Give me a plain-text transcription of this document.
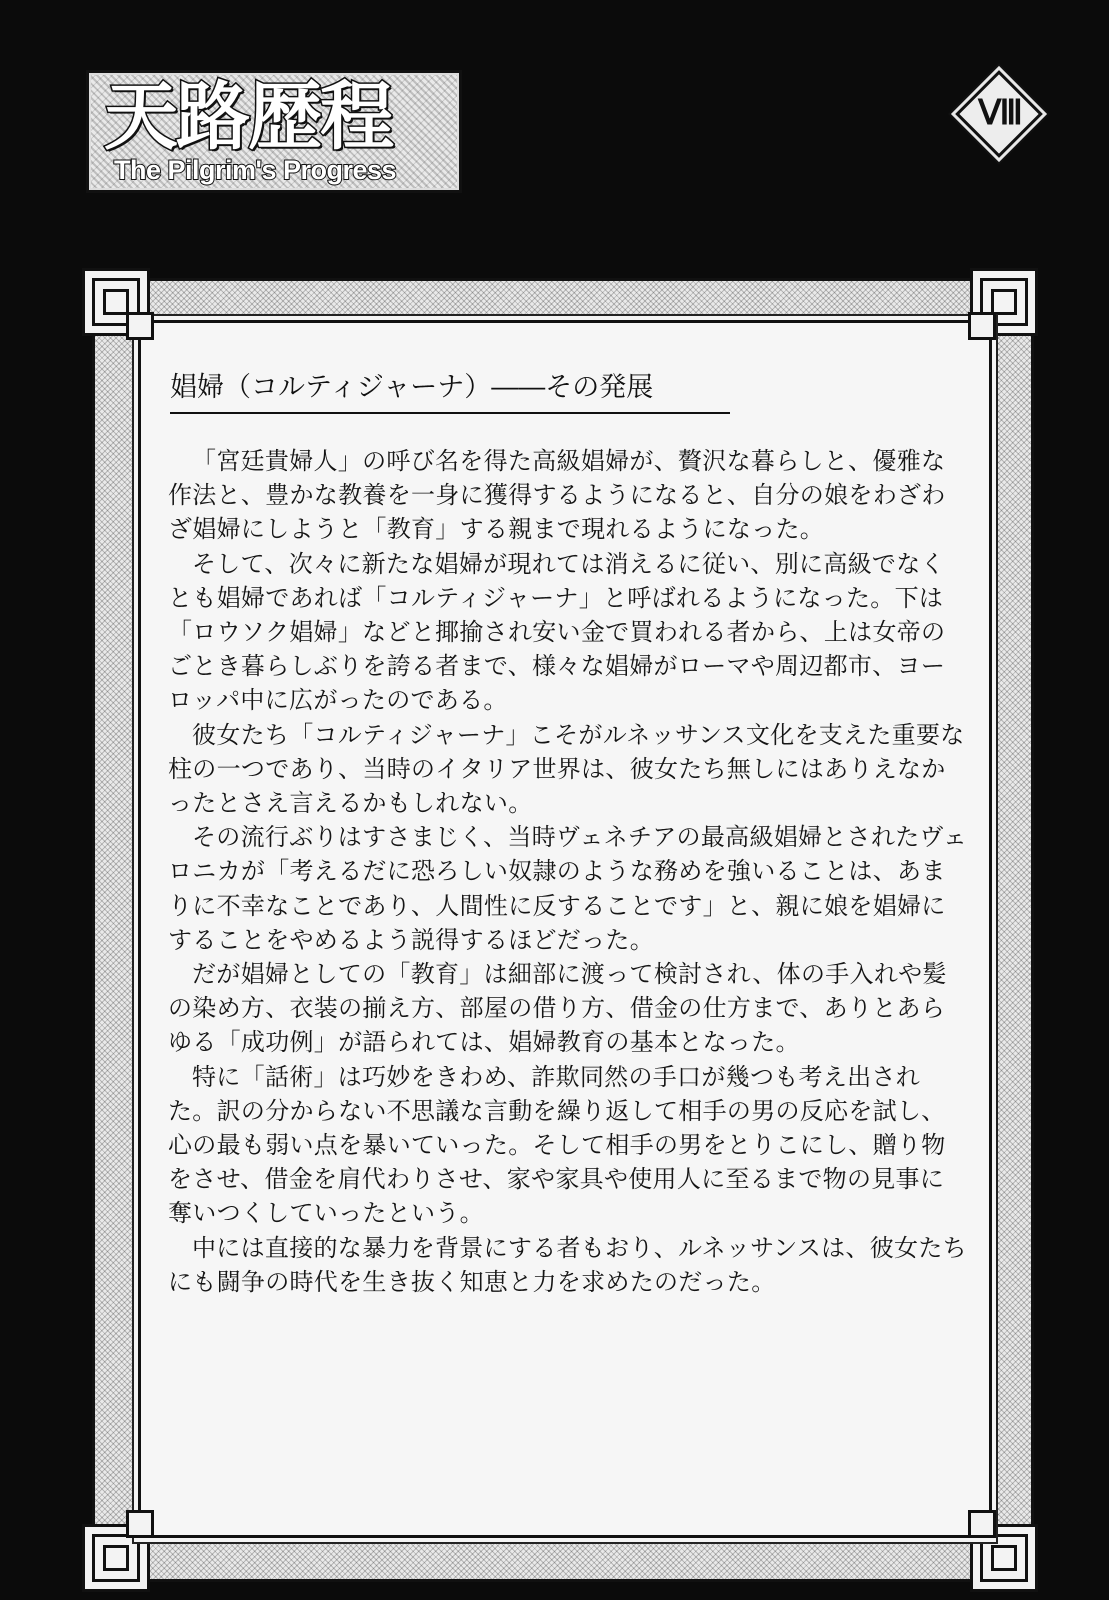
天路歴程
The Pilgrim's Progress
Ⅷ
娼婦（コルティジャーナ）――その発展

「宮廷貴婦人」の呼び名を得た高級娼婦が、贅沢な暮らしと、優雅な作法と、豊かな教養を一身に獲得するようになると、自分の娘をわざわざ娼婦にしようと「教育」する親まで現れるようになった。

そして、次々に新たな娼婦が現れては消えるに従い、別に高級でなくとも娼婦であれば「コルティジャーナ」と呼ばれるようになった。下は「ロウソク娼婦」などと揶揄され安い金で買われる者から、上は女帝のごとき暮らしぶりを誇る者まで、様々な娼婦がローマや周辺都市、ヨーロッパ中に広がったのである。

彼女たち「コルティジャーナ」こそがルネッサンス文化を支えた重要な柱の一つであり、当時のイタリア世界は、彼女たち無しにはありえなかったとさえ言えるかもしれない。

その流行ぶりはすさまじく、当時ヴェネチアの最高級娼婦とされたヴェロニカが「考えるだに恐ろしい奴隷のような務めを強いることは、あまりに不幸なことであり、人間性に反することです」と、親に娘を娼婦にすることをやめるよう説得するほどだった。

だが娼婦としての「教育」は細部に渡って検討され、体の手入れや髪の染め方、衣装の揃え方、部屋の借り方、借金の仕方まで、ありとあらゆる「成功例」が語られては、娼婦教育の基本となった。

特に「話術」は巧妙をきわめ、詐欺同然の手口が幾つも考え出された。訳の分からない不思議な言動を繰り返して相手の男の反応を試し、心の最も弱い点を暴いていった。そして相手の男をとりこにし、贈り物をさせ、借金を肩代わりさせ、家や家具や使用人に至るまで物の見事に奪いつくしていったという。

中には直接的な暴力を背景にする者もおり、ルネッサンスは、彼女たちにも闘争の時代を生き抜く知恵と力を求めたのだった。
